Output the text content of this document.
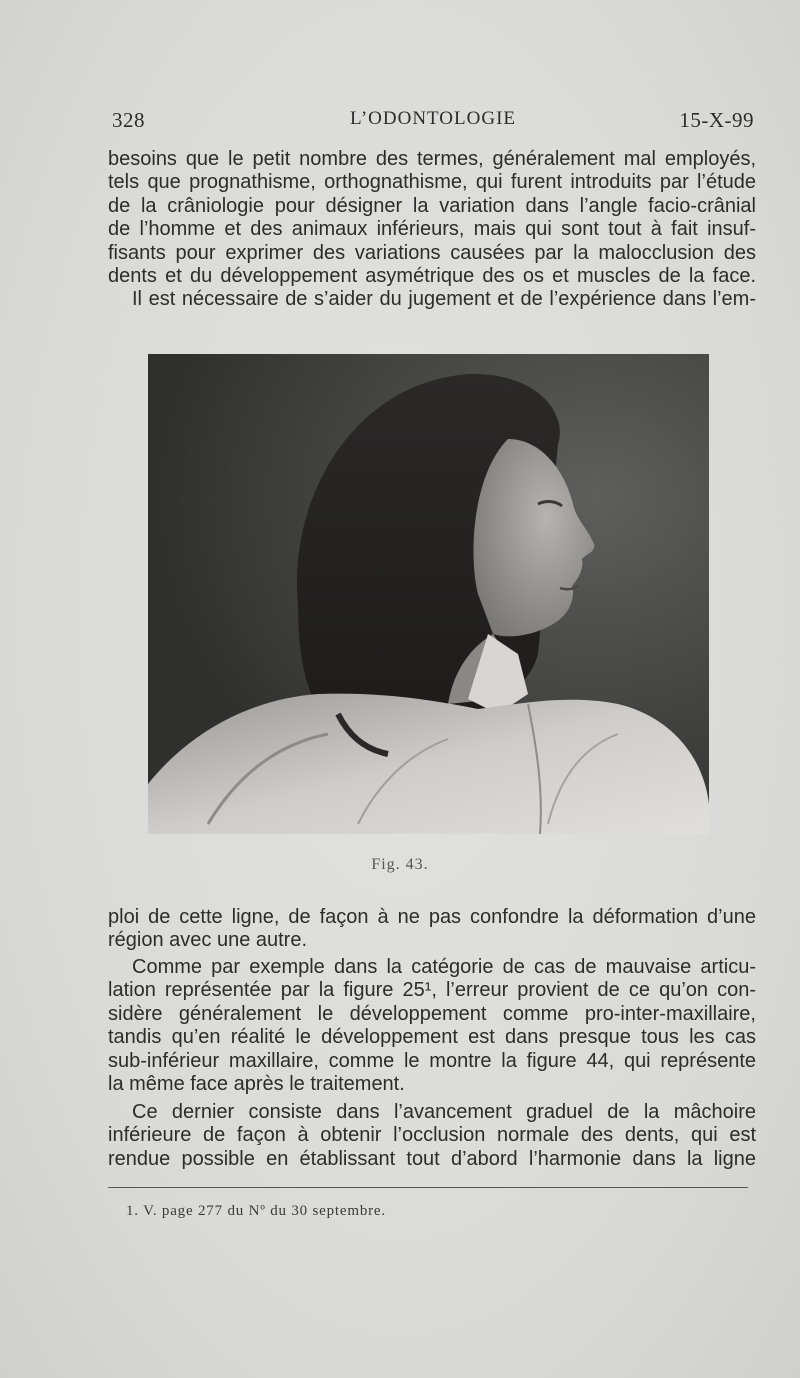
328	L’ODONTOLOGIE	15-X-99

besoins que le petit nombre des termes, généralement mal employés,
tels que prognathisme, orthognathisme, qui furent introduits par l’étude
de la crâniologie pour désigner la variation dans l’angle facio-crânial
de l’homme et des animaux inférieurs, mais qui sont tout à fait insuf-
fisants pour exprimer des variations causées par la malocclusion des
dents et du développement asymétrique des os et muscles de la face.
Il est nécessaire de s’aider du jugement et de l’expérience dans l’em-

Fig. 43.

ploi de cette ligne, de façon à ne pas confondre la déformation d’une
région avec une autre.

Comme par exemple dans la catégorie de cas de mauvaise articu-
lation représentée par la figure 25¹, l’erreur provient de ce qu’on con-
sidère généralement le développement comme pro-inter-maxillaire,
tandis qu’en réalité le développement est dans presque tous les cas
sub-inférieur maxillaire, comme le montre la figure 44, qui représente
la même face après le traitement.

Ce dernier consiste dans l’avancement graduel de la mâchoire
inférieure de façon à obtenir l’occlusion normale des dents, qui est
rendue possible en établissant tout d’abord l’harmonie dans la ligne

1. V. page 277 du Nº du 30 septembre.
